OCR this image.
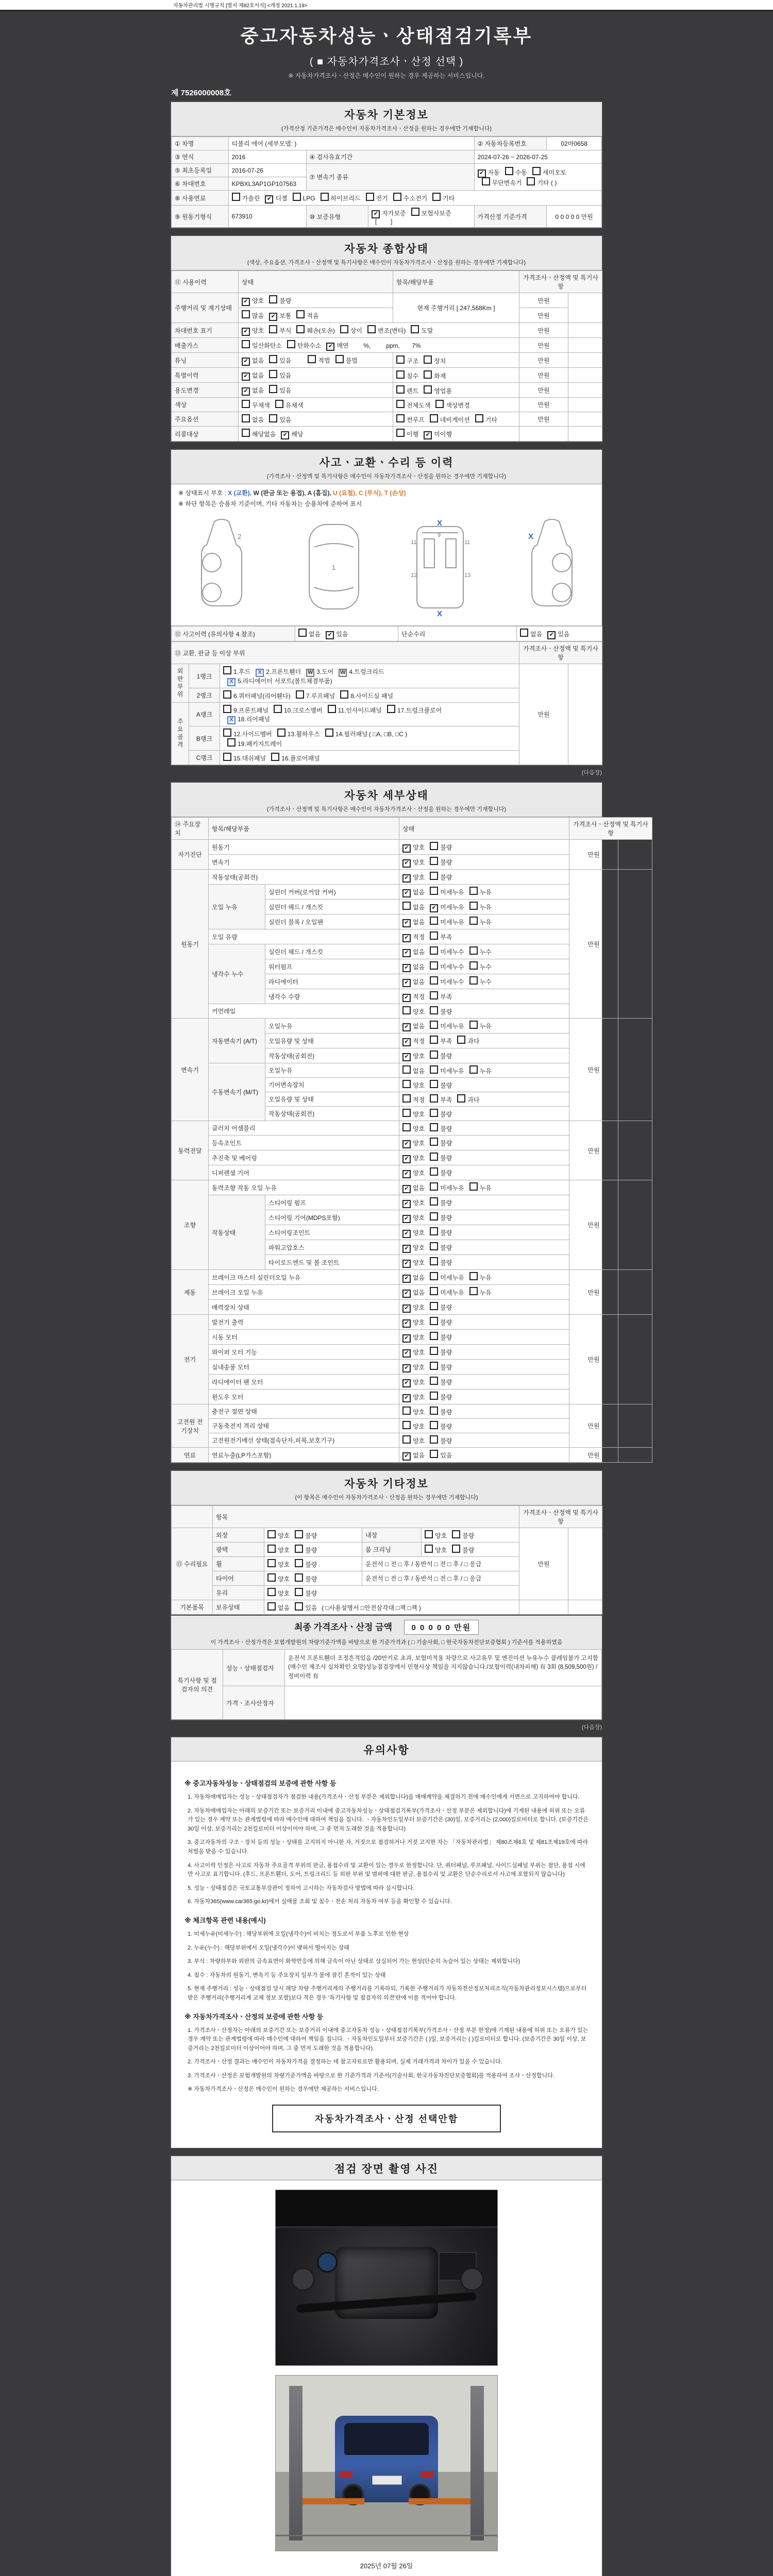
자동차관리법 시행규칙 [별지 제82호서식] <개정 2021.1.19>
중고자동차성능ㆍ상태점검기록부
( ■ 자동차가격조사ㆍ산정 선택 )
※ 자동차가격조사ㆍ산정은 매수인이 원하는 경우 제공하는 서비스입니다.
제 7526000008호
자동차 기본정보
(가격산정 기준가격은 매수인이 자동차가격조사ㆍ산정을 원하는 경우에만 기재합니다)
① 차명	티볼리 에어 (세부모델: )			② 자동차등록번호	02마0658
③ 연식	2016	④ 검사유효기간		2024-07-26 ~ 2026-07-25	
⑤ 최초등록일	2016-07-26	⑦ 변속기 종류		✔ 자동 수동 세미오토
무단변속기 기타 ( )	
⑥ 차대번호	KPBXL3AP1GP107563				
⑧ 사용연료	가솔린 ✔ 디젤 LPG 하이브리드 전기 수소전기 기타				
⑨ 원동기형식	673910	⑩ 보증유형	✔ 자가보증 보험사보증  [        ]	가격산정 기준가격	0 0 0 0 0 만원
자동차 종합상태
(색상, 주요옵션, 가격조사ㆍ산정액 및 특기사항은 매수인이 자동차가격조사ㆍ산정을 원하는 경우에만 기재합니다)
⑪ 사용이력	상태	항목/해당부품	가격조사ㆍ산정액 및 특기사항	
주행거리 및 계기상태	✔ 양호 불량	현재 주행거리 [ 247,568Km ]	만원	
	많음 ✔ 보통 적음		만원	
차대번호 표기	✔ 양호 부식 훼손(오손) 상이 변조(변타) 도말		만원	
배출가스	일산화탄소 탄화수소 ✔ 매연        %,         ppm,       7%		만원	
튜닝	✔ 없음 있음 적법 불법	구조 장치	만원	
특별이력	✔ 없음 있음	침수 화재	만원	
용도변경	✔ 없음 있음	렌트 영업용	만원	
색상	무채색 유채색	전체도색 색상변경	만원	
주요옵션	없음 있음	썬루프 네비게이션 기타	만원	
리콜대상	해당없음 ✔ 해당	이행 ✔ 미이행		
사고ㆍ교환ㆍ수리 등 이력
(가격조사ㆍ산정액 및 특기사항은 매수인이 자동차가격조사ㆍ산정을 원하는 경우에만 기재합니다)
※ 상태표시 부호 : X (교환), W (판금 또는 용접), A (흠집), U (요철), C (부식), T (손상)
※ 하단 항목은 승용차 기준이며, 기타 자동차는 승용차에 준하여 표시
2
1
11
9
11
12	13
X
X
X
⑫ 사고이력 (유의사항 4.참조)	없음 ✔ 있음	단순수리	없음 ✔ 있음
⑬ 교환, 판금 등 이상 부위			가격조사ㆍ산정액 및 특기사항	
외판부위	1랭크	1.후드 X 2.프론트휀더 W 3.도어 W 4.트렁크리드
X 5.라디에이터 서포트(볼트체결부품)	만원	
	2랭크	6.쿼터패널(리어휀다) 7.루프패널 8.사이드실 패널		
주요골격	A랭크	9.프론트패널 10.크로스멤버 11.인사이드패널 17.트렁크플로어
X 18.리어패널		
	B랭크	12.사이드멤버 13.휠하우스 14.필러패널 ( □A, □B, □C )
19.패키지트레이		
	C랭크	15.대쉬패널 16.플로어패널		
(다음장)
자동차 세부상태
(가격조사ㆍ산정액 및 특기사항은 매수인이 자동차가격조사ㆍ산정을 원하는 경우에만 기재합니다)
⑭ 주요장치	항목/해당부품		상태	가격조사ㆍ산정액 및 특기사항	
자기진단	원동기		✔ 양호 불량	만원	
	변속기		✔ 양호 불량		
원동기	작동상태(공회전)		✔ 양호 불량	만원	
	오일 누유	실린더 커버(로커암 커버)	✔ 없음 미세누유 누유		
		실린더 헤드 / 개스킷	없음 ✔ 미세누유 누유		
		실린더 블록 / 오일팬	✔ 없음 미세누유 누유		
	오일 유량		✔ 적정 부족		
	냉각수 누수	실린더 헤드 / 개스킷	✔ 없음 미세누수 누수		
		워터펌프	✔ 없음 미세누수 누수		
		라디에이터	✔ 없음 미세누수 누수		
		냉각수 수량	✔ 적정 부족		
	커먼레일		양호 불량		
변속기	자동변속기 (A/T)	오일누유	✔ 없음 미세누유 누유	만원	
		오일유량 및 상태	✔ 적정 부족 과다		
		작동상태(공회전)	✔ 양호 불량		
	수동변속기 (M/T)	오일누유	없음 미세누유 누유		
		기어변속장치	양호 불량		
		오일유량 및 상태	적정 부족 과다		
		작동상태(공회전)	양호 불량		
동력전달	클러치 어셈블리		양호 불량	만원	
	등속조인트		✔ 양호 불량		
	추진축 및 베어링		✔ 양호 불량		
	디퍼렌셜 기어		✔ 양호 불량		
조향	동력조향 작동 오일 누유		✔ 없음 미세누유 누유	만원	
	작동상태	스티어링 펌프	✔ 양호 불량		
		스티어링 기어(MDPS포함)	✔ 양호 불량		
		스티어링조인트	✔ 양호 불량		
		파워고압호스	✔ 양호 불량		
		타이로드엔드 및 볼 조인트	✔ 양호 불량		
제동	브레이크 마스터 실린더오일 누유		✔ 없음 미세누유 누유	만원	
	브레이크 오일 누유		✔ 없음 미세누유 누유		
	배력장치 상태		✔ 양호 불량		
전기	발전기 출력		✔ 양호 불량	만원	
	시동 모터		✔ 양호 불량		
	와이퍼 모터 기능		✔ 양호 불량		
	실내송풍 모터		✔ 양호 불량		
	라디에이터 팬 모터		✔ 양호 불량		
	윈도우 모터		✔ 양호 불량		
고전원 전기장치	충전구 절연 상태		양호 불량	만원	
	구동축전지 격리 상태		양호 불량		
	고전원전기배선 상태(접속단자,피복,보호기구)		양호 불량		
연료	연료누출(LP가스포함)		✔ 없음 있음	만원	
자동차 기타정보
(이 항목은 매수인이 자동차가격조사ㆍ산정을 원하는 경우에만 기재합니다)
	항목				가격조사ㆍ산정액 및 특기사항	
⑮ 수리필요	외장	양호 불량	내장	양호 불량	만원	
	광택	양호 불량	룸 크리닝	양호 불량		
	휠	양호 불량	운전석 □ 전 □ 후 / 동반석 □ 전 □ 후 / □ 응급			
	타이어	양호 불량	운전석 □ 전 □ 후 / 동반석 □ 전 □ 후 / □ 응급			
	유리	양호 불량				
기본품목	보유상태	없음 있음  ( □사용설명서 □안전삼각대 □잭 □잭 )				
최종 가격조사ㆍ산정 금액 0 0 0 0 0 만원
이 가격조사ㆍ산정가격은 보험개발원의 차량기준가액을 바탕으로 한 기준가격과 ( □ 기술사회, □ 한국자동차진단보증협회 ) 기준서를 적용하였음
특기사항 및 점검자의 의견	성능ㆍ상태점검자	운전석 프론트휀더 조정흔적있음 /20만키로 초과, 보험미적용 차량으로 사고유무 및 엔진미션 누유누수 클레임불가 고지함(매수인 제조사 실차확인 요망)성능점검장에서 민형사상 책임을 지지않습니다./보험이력(내차피해) 有 3회 (8,509,500원) / 정비이력 有
	가격ㆍ조사산정자	
(다음장)
유의사항
※ 중고자동차성능ㆍ상태점검의 보증에 관한 사항 등
1. 자동차매매업자는 성능ㆍ상태점검자가 점검한 내용(가격조사ㆍ산정 부분은 제외합니다)을 매매계약을 체결하기 전에 매수인에게 서면으로 고지하여야 합니다.
2. 자동차매매업자는 아래의 보증기간 또는 보증거리 이내에 중고자동차성능ㆍ상태점검기록부(가격조사ㆍ산정 부분은 제외합니다)에 기재된 내용에 허위 또는 오류가 있는 경우 계약 또는 관계법령에 따라 매수인에 대하여 책임을 집니다. ㆍ자동차인도일부터 보증기간은 (30)일, 보증거리는 (2,000)킬로미터로 합니다. (보증기간은 30일 이상, 보증거리는 2천킬로미터 이상이어야 하며, 그 중 먼저 도래한 것을 적용합니다)
3. 중고자동차의 구조ㆍ장치 등의 성능ㆍ상태를 고지하지 아니한 자, 거짓으로 점검하거나 거짓 고지한 자는 「자동차관리법」 제80조제6호 및 제81조제19호에 따라 처벌을 받을 수 있습니다.
4. 사고이력 인정은 사고로 자동차 주요골격 부위의 판금, 용접수리 및 교환이 있는 경우로 한정합니다. 단, 쿼터패널, 루프패널, 사이드실패널 부위는 절단, 용접 시에만 사고로 표기합니다. (후드, 프론트휀더, 도어, 트렁크리드 등 외판 부위 및 범퍼에 대한 판금, 용접수리 및 교환은 단순수리로서 사고에 포함되지 않습니다)
5. 성능ㆍ상태점검은 국토교통부장관이 정하여 고시하는 자동차검사 방법에 따라 실시합니다.
6. 자동차365(www.car365.go.kr)에서 실매물 조회 및 침수ㆍ전손 처리 자동차 여부 등을 확인할 수 있습니다.
※ 체크항목 관련 내용(예시)
1. 미세누유(미세누수) : 해당부위에 오일(냉각수)이 비치는 정도로서 부품 노후로 인한 현상
2. 누유(누수) : 해당부위에서 오일(냉각수)이 맺혀서 떨어지는 상태
3. 부식 : 차량하부와 외판의 금속표면이 화학반응에 의해 금속이 아닌 상태로 상실되어 가는 현상(단순히 녹슬어 있는 상태는 제외합니다)
4. 침수 : 자동차의 원동기, 변속기 등 주요장치 일부가 물에 잠긴 흔적이 있는 상태
5. 현재 주행거리 : 성능ㆍ상태점검 당시 해당 차량 주행거리계의 주행거리를 기록하되, 기록한 주행거리가 자동차전산정보처리조직(자동차관리정보시스템)으로부터 받은 주행거리(주행거리계 교체 정보 포함)보다 적은 경우 '특기사항 및 점검자의 의견'란에 이를 적어야 합니다.
※ 자동차가격조사ㆍ산정의 보증에 관한 사항 등
1. 가격조사ㆍ산정자는 아래의 보증기간 또는 보증거리 이내에 중고자동차 성능ㆍ상태점검기록부(가격조사ㆍ산정 부분 한정)에 기재된 내용에 허위 또는 오류가 있는 경우 계약 또는 관계법령에 따라 매수인에 대하여 책임을 집니다. ㆍ자동차인도일부터 보증기간은 ( )일, 보증거리는 ( )킬로미터로 합니다. (보증기간은 30일 이상, 보증거리는 2천킬로미터 이상이어야 하며, 그 중 먼저 도래한 것을 적용합니다)
2. 가격조사ㆍ산정 결과는 매수인이 자동차가격을 결정하는 데 참고자료로만 활용되며, 실제 거래가격과 차이가 있을 수 있습니다.
3. 가격조사ㆍ산정은 보험개발원의 차량기준가액을 바탕으로 한 기준가격과 기준서(기술사회, 한국자동차진단보증협회)를 적용하여 조사ㆍ산정합니다.
※ 자동차가격조사ㆍ산정은 매수인이 원하는 경우에만 제공하는 서비스입니다.
자동차가격조사ㆍ산정 선택안함
점검 장면 촬영 사진
2025년 07월 26일
